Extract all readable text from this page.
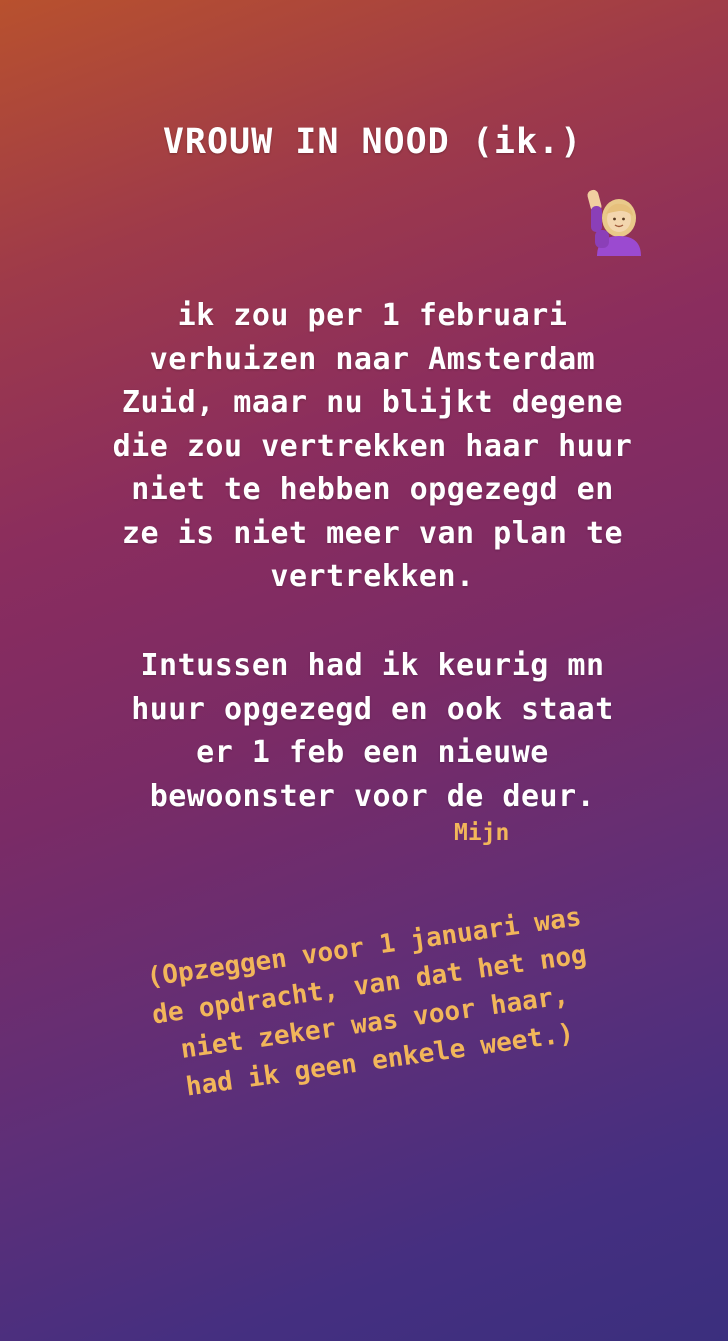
VROUW IN NOOD (ik.)
ik zou per 1 februari
verhuizen naar Amsterdam
Zuid, maar nu blijkt degene
die zou vertrekken haar huur
niet te hebben opgezegd en
ze is niet meer van plan te
vertrekken.
Intussen had ik keurig mn
huur opgezegd en ook staat
er 1 feb een nieuwe
bewoonster voor de deur.
Mijn
(Opzeggen voor 1 januari was
de opdracht, van dat het nog
niet zeker was voor haar,
had ik geen enkele weet.)
